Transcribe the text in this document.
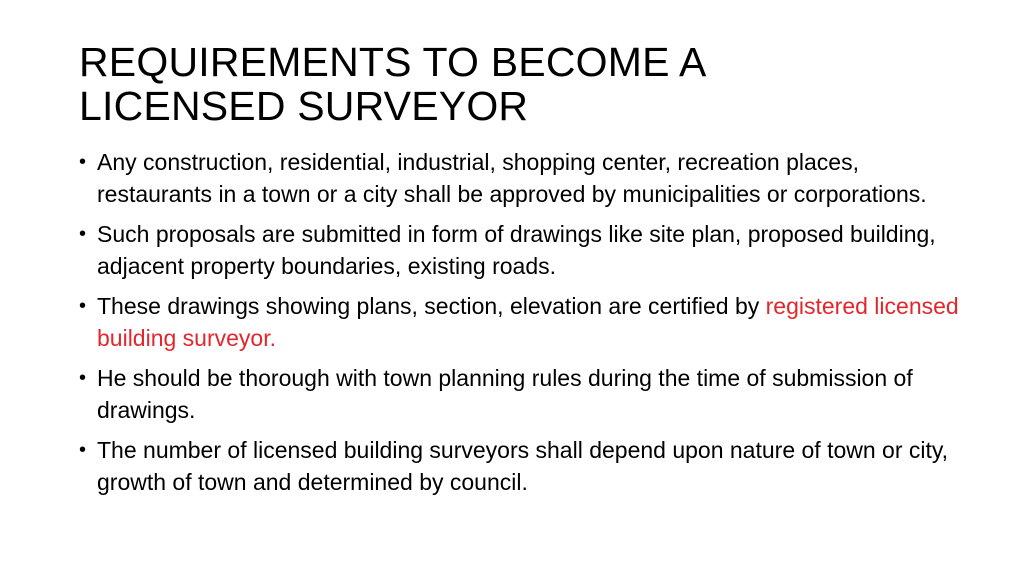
REQUIREMENTS TO BECOME A
LICENSED SURVEYOR
• Any construction, residential, industrial, shopping center, recreation places, restaurants in a town or a city shall be approved by municipalities or corporations.
• Such proposals are submitted in form of drawings like site plan, proposed building, adjacent property boundaries, existing roads.
• These drawings showing plans, section, elevation are certified by registered licensed building surveyor.
• He should be thorough with town planning rules during the time of submission of drawings.
• The number of licensed building surveyors shall depend upon nature of town or city, growth of town and determined by council.
